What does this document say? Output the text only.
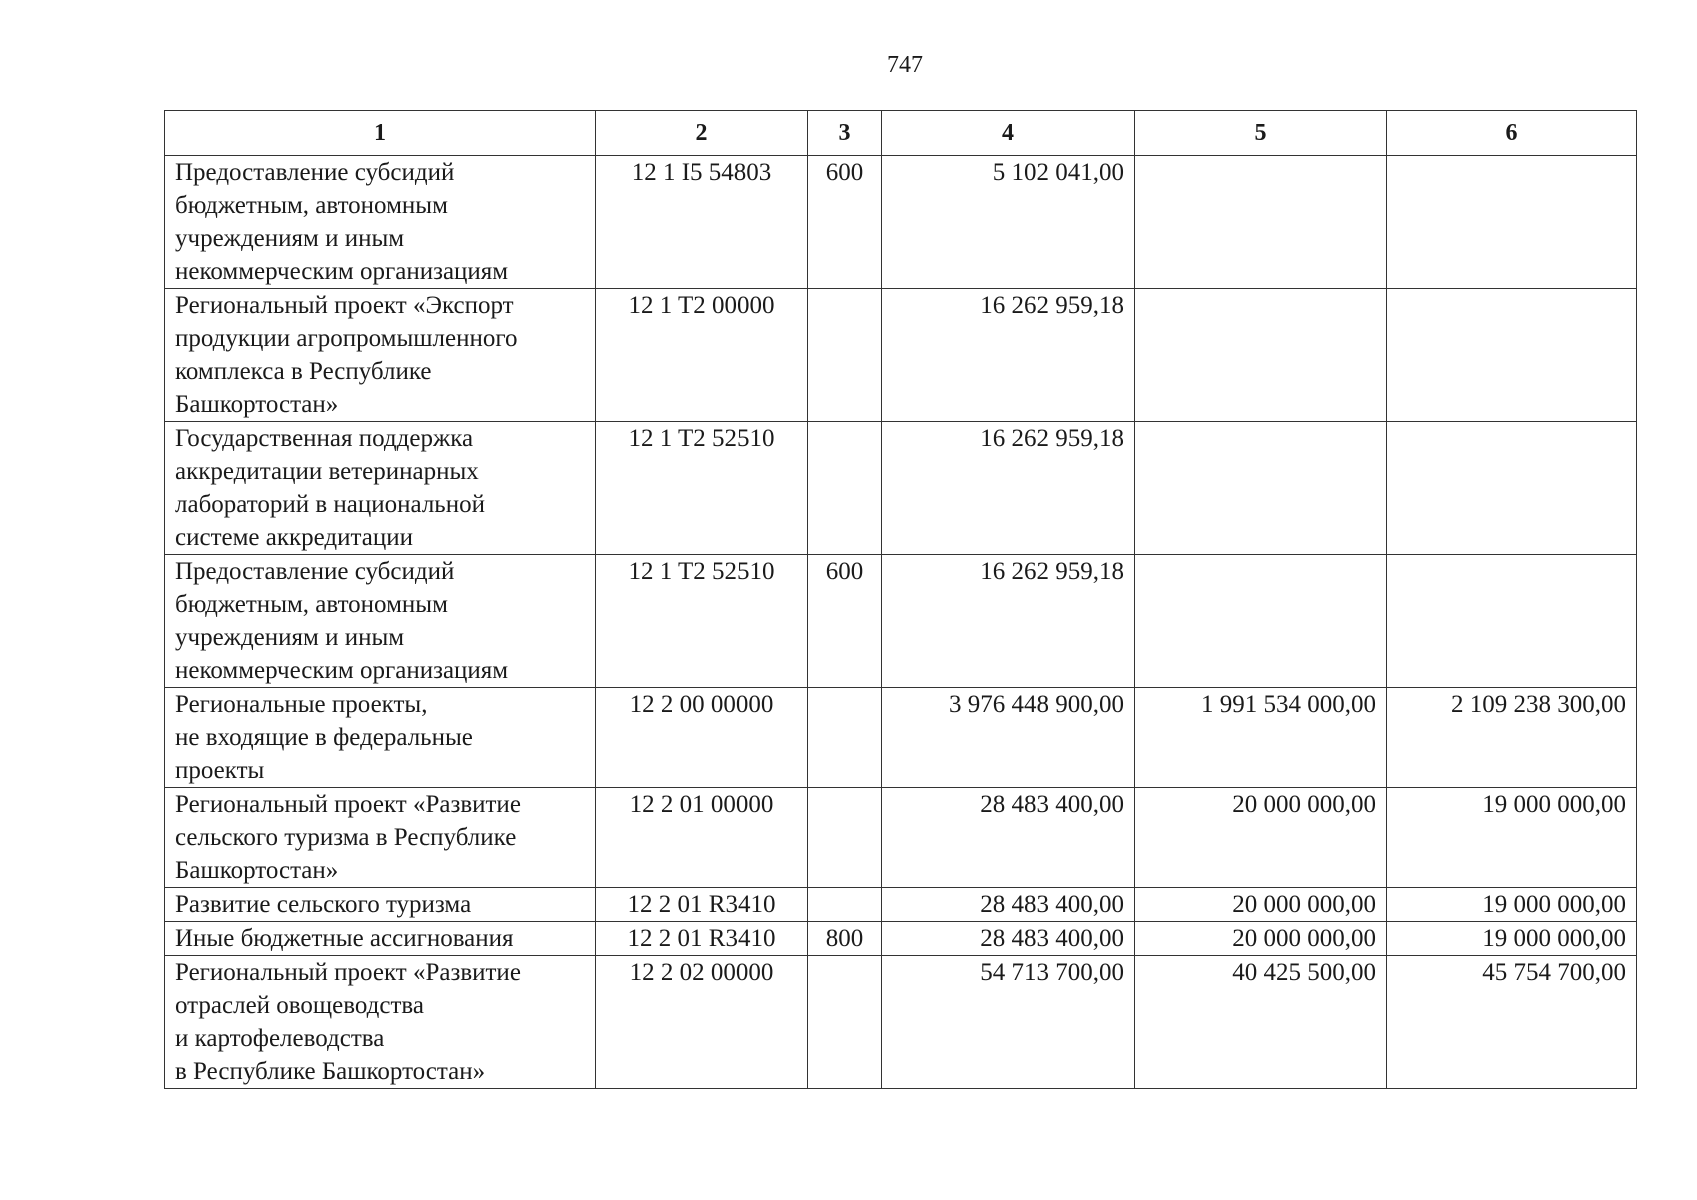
747
1	2	3	4	5	6

Предоставление субсидий
бюджетным, автономным
учреждениям и иным
некоммерческим организациям	12 1 I5 54803	600	5 102 041,00		

Региональный проект «Экспорт
продукции агропромышленного
комплекса в Республике
Башкортостан»	12 1 T2 00000		16 262 959,18		

Государственная поддержка
аккредитации ветеринарных
лабораторий в национальной
системе аккредитации	12 1 T2 52510		16 262 959,18		

Предоставление субсидий
бюджетным, автономным
учреждениям и иным
некоммерческим организациям	12 1 T2 52510	600	16 262 959,18		

Региональные проекты,
не входящие в федеральные
проекты	12 2 00 00000		3 976 448 900,00	1 991 534 000,00	2 109 238 300,00

Региональный проект «Развитие
сельского туризма в Республике
Башкортостан»	12 2 01 00000		28 483 400,00	20 000 000,00	19 000 000,00

Развитие сельского туризма	12 2 01 R3410		28 483 400,00	20 000 000,00	19 000 000,00

Иные бюджетные ассигнования	12 2 01 R3410	800	28 483 400,00	20 000 000,00	19 000 000,00

Региональный проект «Развитие
отраслей овощеводства
и картофелеводства
в Республике Башкортостан»	12 2 02 00000		54 713 700,00	40 425 500,00	45 754 700,00
